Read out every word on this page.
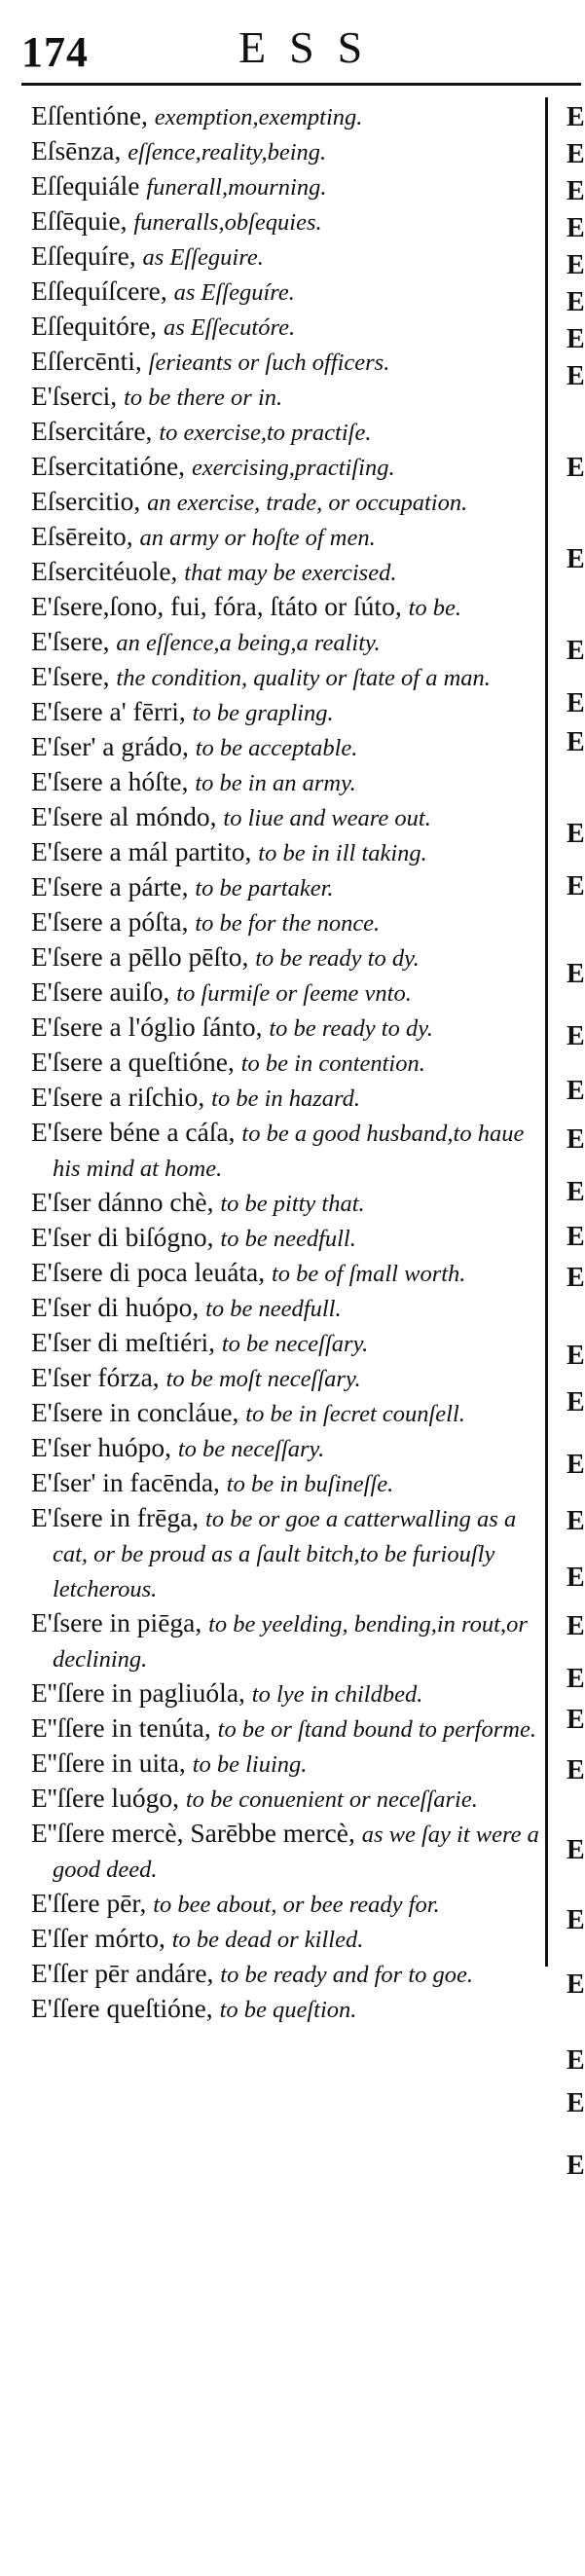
174	ESS

Eſſentióne, exemption,exempting.

Eſsēnza, eſſence,reality,being.

Eſſequiále funerall,mourning.

Eſſēquie, funeralls,obſequies.

Eſſequíre, as Eſſeguire.

Eſſequíſcere, as Eſſeguíre.

Eſſequitóre, as Eſſecutóre.

Eſſercēnti, ſerieants or ſuch officers.

E'ſserci, to be there or in.

Eſsercitáre, to exercise,to practiſe.

Eſsercitatióne, exercising,practiſing.

Eſsercitio, an exercise, trade, or occupation.

Eſsēreito, an army or hoſte of men.

Eſsercitéuole, that may be exercised.

E'ſsere,ſono, fui, fóra, ſtáto or ſúto, to be.

E'ſsere, an eſſence,a being,a reality.

E'ſsere, the condition, quality or ſtate of a man.

E'ſsere a' fērri, to be grapling.

E'ſser' a grádo, to be acceptable.

E'ſsere a hóſte, to be in an army.

E'ſsere al móndo, to liue and weare out.

E'ſsere a mál partito, to be in ill taking.

E'ſsere a párte, to be partaker.

E'ſsere a póſta, to be for the nonce.

E'ſsere a pēllo pēſto, to be ready to dy.

E'ſsere auiſo, to ſurmiſe or ſeeme vnto.

E'ſsere a l'óglio ſánto, to be ready to dy.

E'ſsere a queſtióne, to be in contention.

E'ſsere a riſchio, to be in hazard.

E'ſsere béne a cáſa, to be a good husband,to haue his mind at home.

E'ſser dánno chè, to be pitty that.

E'ſser di biſógno, to be needfull.

E'ſsere di poca leuáta, to be of ſmall worth.

E'ſser di huópo, to be needfull.

E'ſser di meſtiéri, to be neceſſary.

E'ſser fórza, to be moſt neceſſary.

E'ſsere in concláue, to be in ſecret counſell.

E'ſser huópo, to be neceſſary.

E'ſser' in facēnda, to be in buſineſſe.

E'ſsere in frēga, to be or goe a catterwalling as a cat, or be proud as a ſault bitch,to be furiouſly letcherous.

E'ſsere in piēga, to be yeelding, bending,in rout,or declining.

E''ſſere in pagliuóla, to lye in childbed.

E''ſſere in tenúta, to be or ſtand bound to performe.

E''ſſere in uita, to be liuing.

E''ſſere luógo, to be conuenient or neceſſarie.

E''ſſere mercè, Sarēbbe mercè, as we ſay it were a good deed.

E'ſſere pēr, to bee about, or bee ready for.

E'ſſer mórto, to be dead or killed.

E'ſſer pēr andáre, to be ready and for to goe.

E'ſſere queſtióne, to be queſtion.

E
E
E
E
E
E
E
E
E
E
E
E
E
E
E
E
E
E
E
E
E
E
E
E
E
E
E
E
E
E
E
E
E
E
E
E
E
